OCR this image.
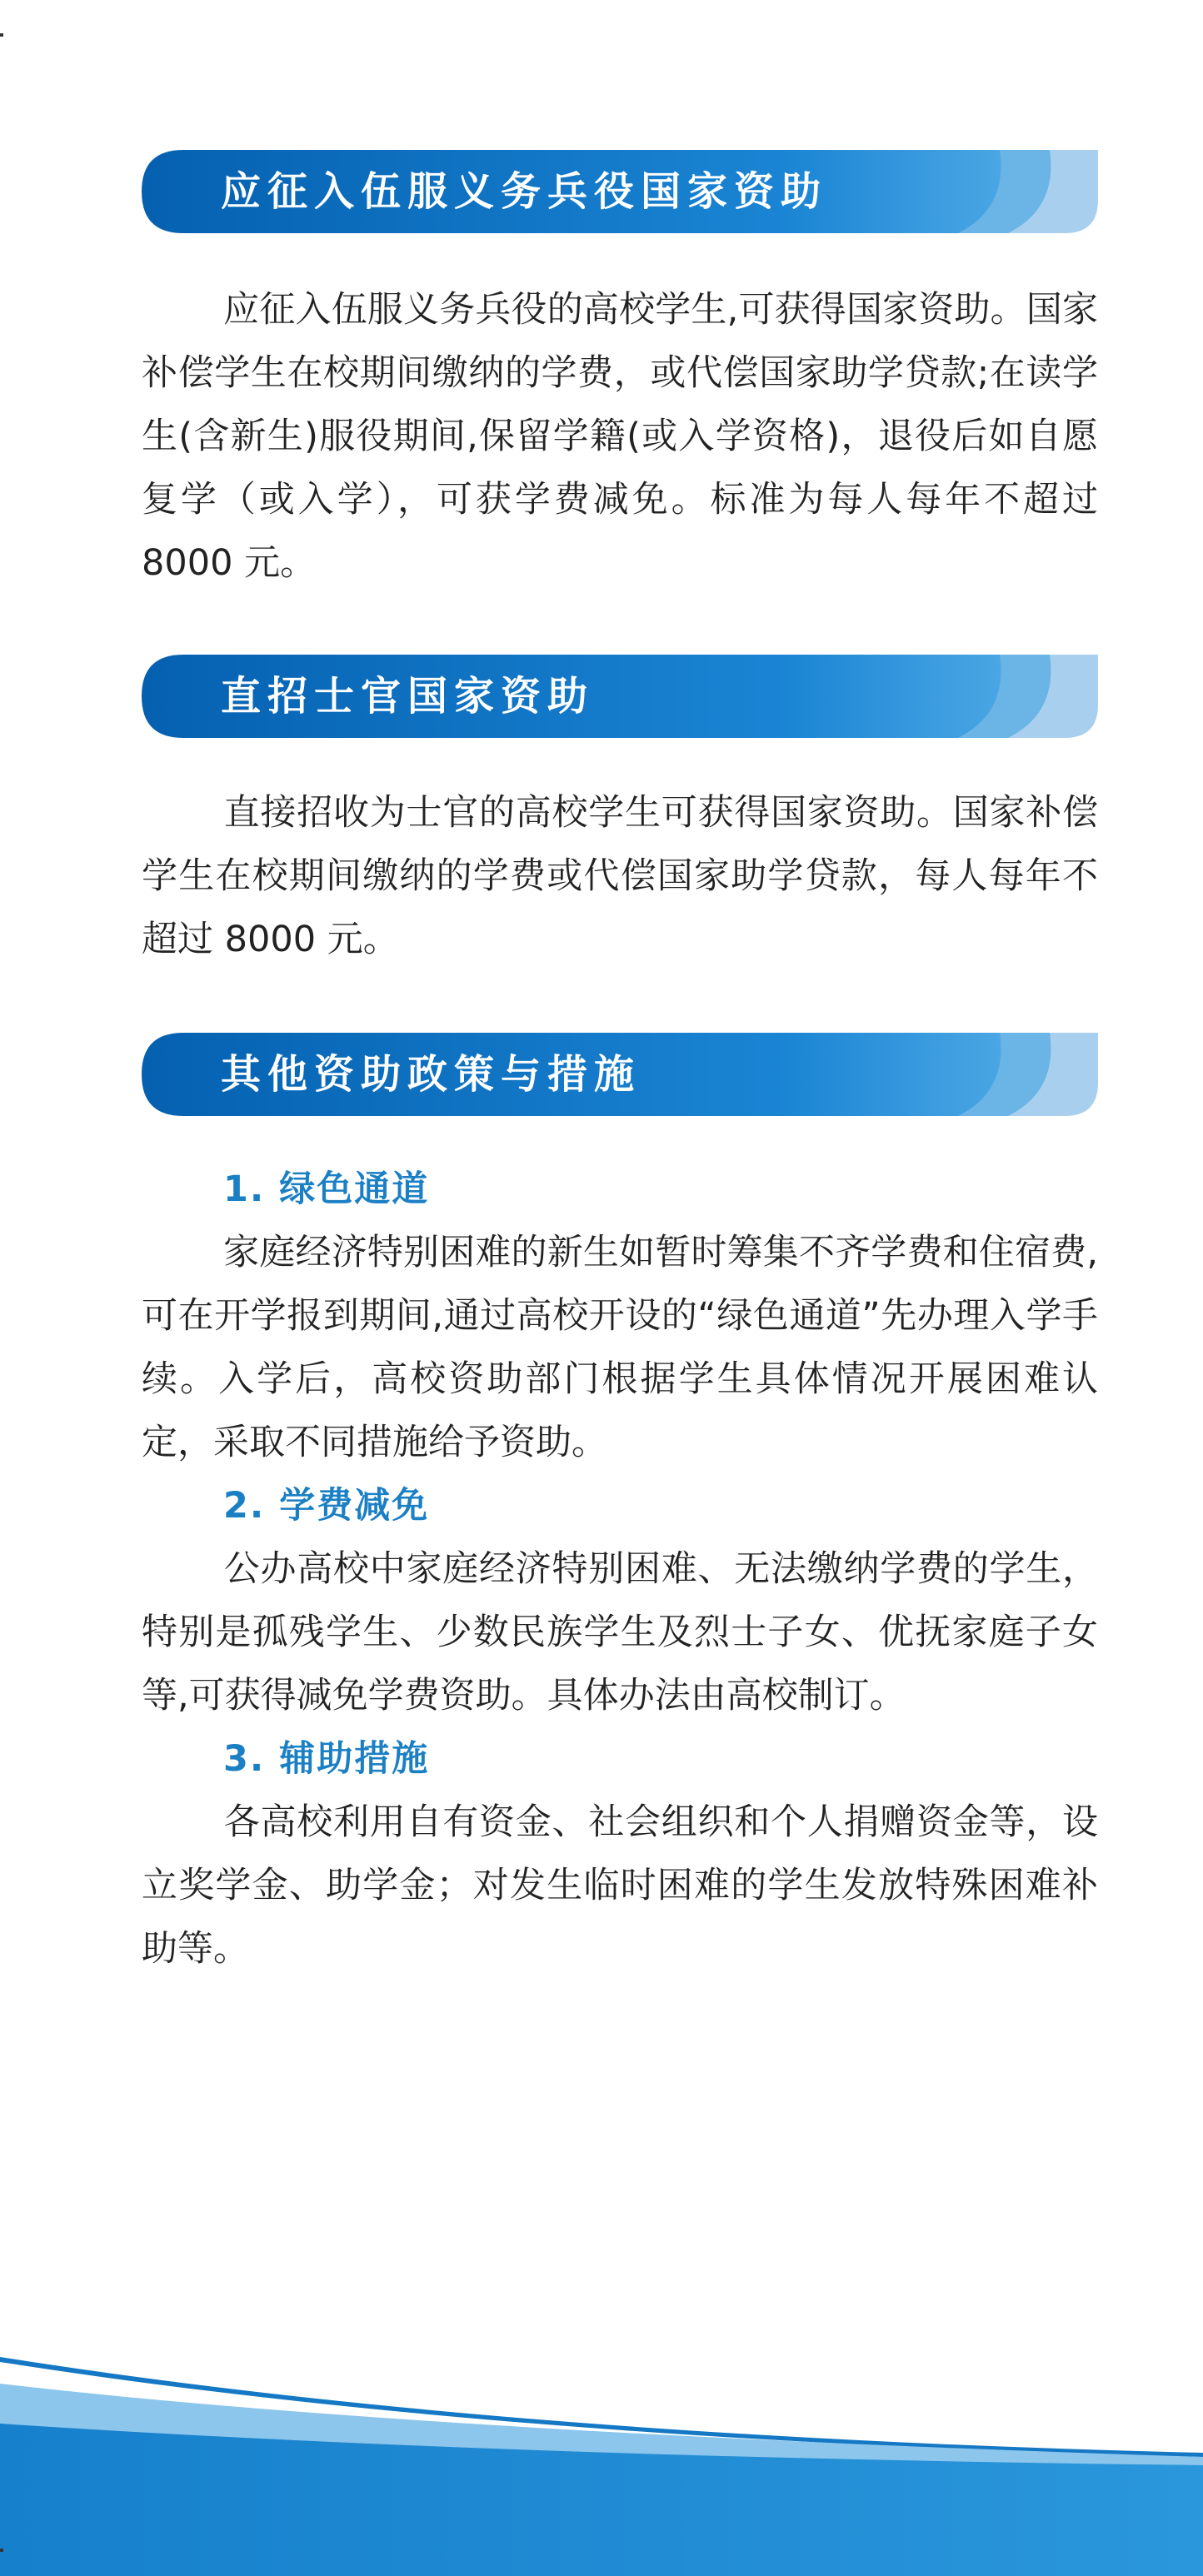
应征入伍服义务兵役国家资助
应征入伍服义务兵役的高校学生,可获得国家资助。国家补偿学生在校期间缴纳的学费，或代偿国家助学贷款;在读学生(含新生)服役期间,保留学籍(或入学资格)，退役后如自愿复学（或入学），可获学费减免。标准为每人每年不超过 8000 元。
直招士官国家资助
直接招收为士官的高校学生可获得国家资助。国家补偿学生在校期间缴纳的学费或代偿国家助学贷款，每人每年不超过 8000 元。
其他资助政策与措施
1. 绿色通道
家庭经济特别困难的新生如暂时筹集不齐学费和住宿费,可在开学报到期间,通过高校开设的“绿色通道”先办理入学手续。入学后，高校资助部门根据学生具体情况开展困难认定，采取不同措施给予资助。
2. 学费减免
公办高校中家庭经济特别困难、无法缴纳学费的学生，特别是孤残学生、少数民族学生及烈士子女、优抚家庭子女等,可获得减免学费资助。具体办法由高校制订。
3. 辅助措施
各高校利用自有资金、社会组织和个人捐赠资金等，设立奖学金、助学金；对发生临时困难的学生发放特殊困难补助等。
